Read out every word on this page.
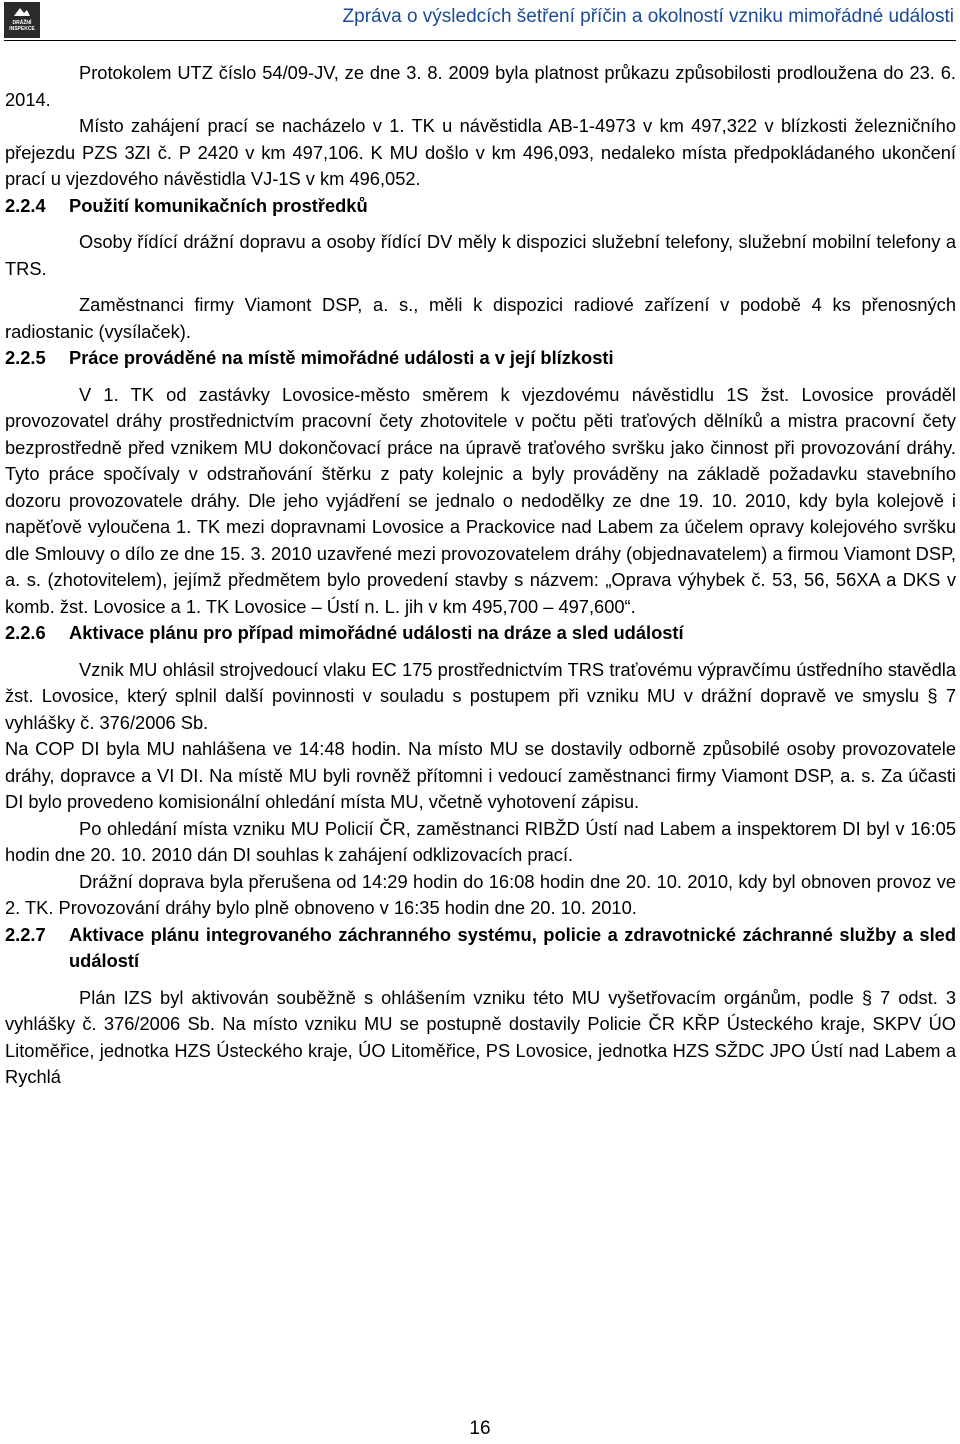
DRÁŽNÍ
INSPEKCE
Zpráva o výsledcích šetření příčin a okolností vzniku mimořádné události

Protokolem UTZ číslo 54/09-JV, ze dne 3. 8. 2009 byla platnost průkazu způsobilosti prodloužena do 23. 6. 2014.

Místo zahájení prací se nacházelo v 1. TK u návěstidla AB-1-4973 v km 497,322 v blízkosti železničního přejezdu PZS 3ZI č. P 2420 v km 497,106. K MU došlo v km 496,093, nedaleko místa předpokládaného ukončení prací u vjezdového návěstidla VJ-1S v km 496,052.

2.2.4	Použití komunikačních prostředků

Osoby řídící drážní dopravu a osoby řídící DV měly k dispozici služební telefony, služební mobilní telefony a TRS.

Zaměstnanci firmy Viamont DSP, a. s., měli k dispozici radiové zařízení v podobě 4 ks přenosných radiostanic (vysílaček).

2.2.5	Práce prováděné na místě mimořádné události a v její blízkosti

V 1. TK od zastávky Lovosice-město směrem k vjezdovému návěstidlu 1S žst. Lovosice prováděl provozovatel dráhy prostřednictvím pracovní čety zhotovitele v počtu pěti traťových dělníků a mistra pracovní čety bezprostředně před vznikem MU dokončovací práce na úpravě traťového svršku jako činnost při provozování dráhy. Tyto práce spočívaly v odstraňování štěrku z paty kolejnic a byly prováděny na základě požadavku stavebního dozoru provozovatele dráhy. Dle jeho vyjádření se jednalo o nedodělky ze dne 19. 10. 2010, kdy byla kolejově i napěťově vyloučena 1. TK mezi dopravnami Lovosice a Prackovice nad Labem za účelem opravy kolejového svršku dle Smlouvy o dílo ze dne 15. 3. 2010 uzavřené mezi provozovatelem dráhy (objednavatelem) a firmou Viamont DSP, a. s. (zhotovitelem), jejímž předmětem bylo provedení stavby s názvem: „Oprava výhybek č. 53, 56, 56XA a DKS v komb. žst. Lovosice a 1. TK Lovosice – Ústí n. L. jih v km 495,700 – 497,600“.

2.2.6	Aktivace plánu pro případ mimořádné události na dráze a sled událostí

Vznik MU ohlásil strojvedoucí vlaku EC 175 prostřednictvím TRS traťovému výpravčímu ústředního stavědla žst. Lovosice, který splnil další povinnosti v souladu s postupem při vzniku MU v drážní dopravě ve smyslu § 7 vyhlášky č. 376/2006 Sb.

Na COP DI byla MU nahlášena ve 14:48 hodin. Na místo MU se dostavily odborně způsobilé osoby provozovatele dráhy, dopravce a VI DI. Na místě MU byli rovněž přítomni i vedoucí zaměstnanci firmy Viamont DSP, a. s. Za účasti DI bylo provedeno komisionální ohledání místa MU, včetně vyhotovení zápisu.

Po ohledání místa vzniku MU Policií ČR, zaměstnanci RIBŽD Ústí nad Labem a inspektorem DI byl v 16:05 hodin dne 20. 10. 2010 dán DI souhlas k zahájení odklizovacích prací.

Drážní doprava byla přerušena od 14:29 hodin do 16:08 hodin dne 20. 10. 2010, kdy byl obnoven provoz ve 2. TK. Provozování dráhy bylo plně obnoveno v 16:35 hodin dne 20. 10. 2010.

2.2.7	Aktivace plánu integrovaného záchranného systému, policie a zdravotnické záchranné služby a sled událostí

Plán IZS byl aktivován souběžně s ohlášením vzniku této MU vyšetřovacím orgánům, podle § 7 odst. 3 vyhlášky č. 376/2006 Sb. Na místo vzniku MU se postupně dostavily Policie ČR KŘP Ústeckého kraje, SKPV ÚO Litoměřice, jednotka HZS Ústeckého kraje, ÚO Litoměřice, PS Lovosice, jednotka HZS SŽDC JPO Ústí nad Labem a Rychlá

16
